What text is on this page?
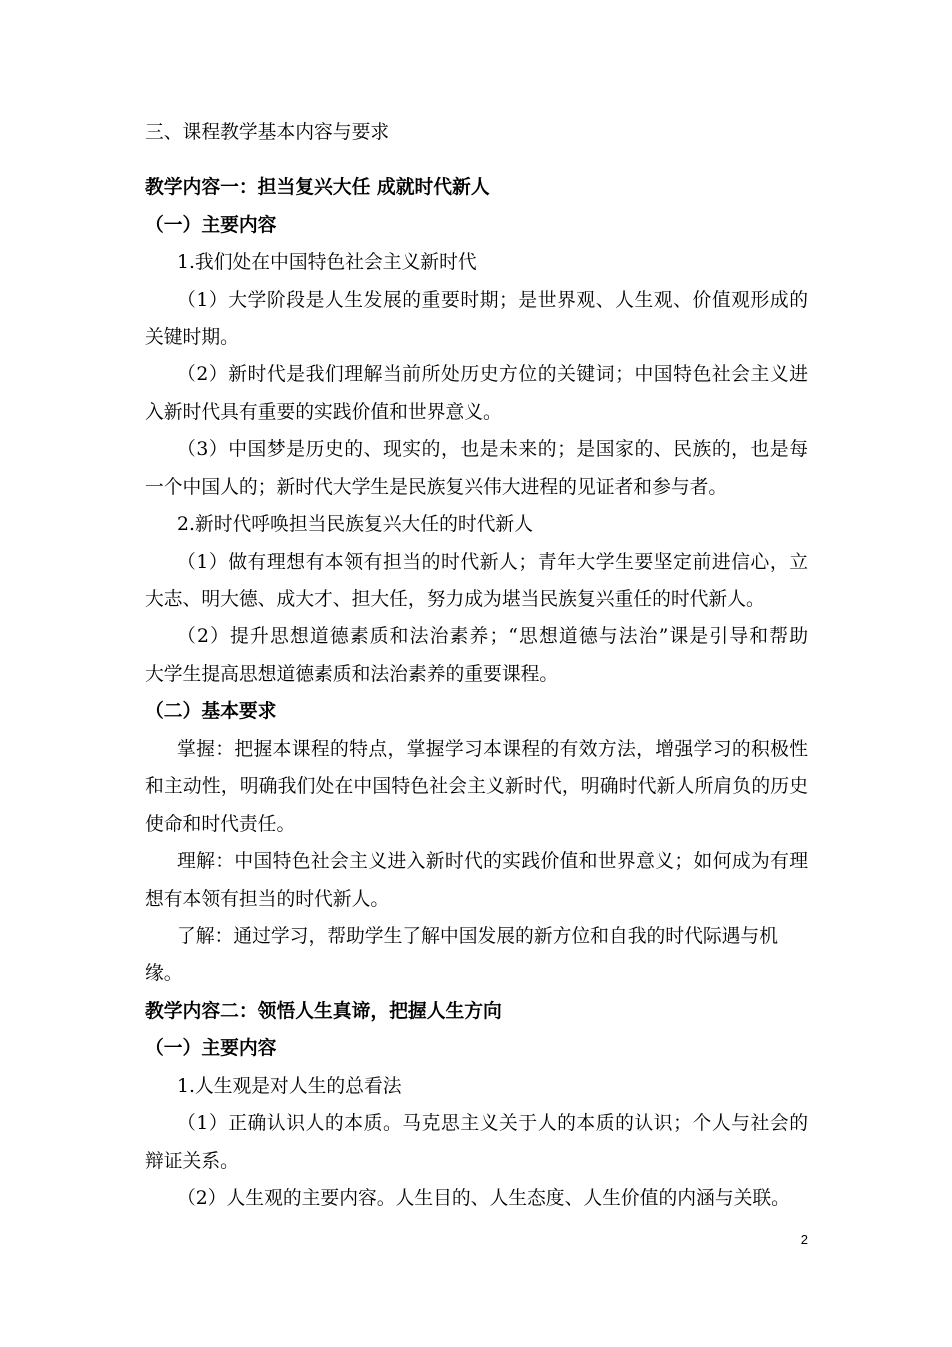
三、课程教学基本内容与要求
教学内容一：担当复兴大任 成就时代新人
（一）主要内容
1.我们处在中国特色社会主义新时代
（1）大学阶段是人生发展的重要时期；是世界观、人生观、价值观形成的
关键时期。
（2）新时代是我们理解当前所处历史方位的关键词；中国特色社会主义进
入新时代具有重要的实践价值和世界意义。
（3）中国梦是历史的、现实的，也是未来的；是国家的、民族的，也是每
一个中国人的；新时代大学生是民族复兴伟大进程的见证者和参与者。
2.新时代呼唤担当民族复兴大任的时代新人
（1）做有理想有本领有担当的时代新人；青年大学生要坚定前进信心，立
大志、明大德、成大才、担大任，努力成为堪当民族复兴重任的时代新人。
（2）提升思想道德素质和法治素养；“思想道德与法治”课是引导和帮助
大学生提高思想道德素质和法治素养的重要课程。
（二）基本要求
掌握：把握本课程的特点，掌握学习本课程的有效方法，增强学习的积极性
和主动性，明确我们处在中国特色社会主义新时代，明确时代新人所肩负的历史
使命和时代责任。
理解：中国特色社会主义进入新时代的实践价值和世界意义；如何成为有理
想有本领有担当的时代新人。
了解：通过学习，帮助学生了解中国发展的新方位和自我的时代际遇与机缘。
教学内容二：领悟人生真谛，把握人生方向
（一）主要内容
1.人生观是对人生的总看法
（1）正确认识人的本质。马克思主义关于人的本质的认识；个人与社会的
辩证关系。
（2）人生观的主要内容。人生目的、人生态度、人生价值的内涵与关联。
2
